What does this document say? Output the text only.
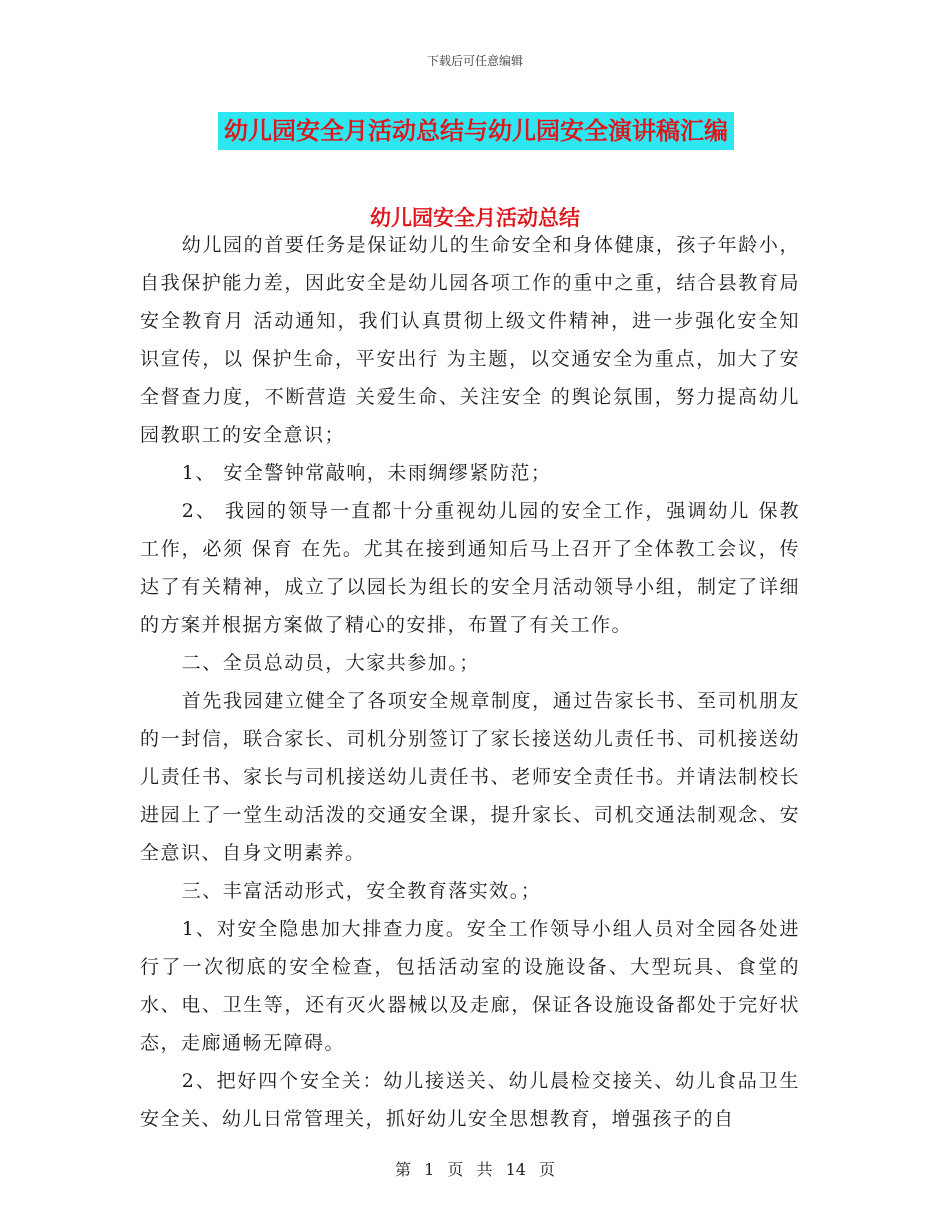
下载后可任意编辑
幼儿园安全月活动总结与幼儿园安全演讲稿汇编
幼儿园安全月活动总结

幼儿园的首要任务是保证幼儿的生命安全和身体健康，孩子年龄小，自我保护能力差，因此安全是幼儿园各项工作的重中之重，结合县教育局 安全教育月 活动通知，我们认真贯彻上级文件精神，进一步强化安全知识宣传，以 保护生命，平安出行 为主题，以交通安全为重点，加大了安全督查力度，不断营造 关爱生命、关注安全 的舆论氛围，努力提高幼儿园教职工的安全意识；

1、 安全警钟常敲响，未雨绸缪紧防范；

2、 我园的领导一直都十分重视幼儿园的安全工作，强调幼儿 保教 工作，必须 保育 在先。尤其在接到通知后马上召开了全体教工会议，传达了有关精神，成立了以园长为组长的安全月活动领导小组，制定了详细的方案并根据方案做了精心的安排，布置了有关工作。

二、全员总动员，大家共参加。；

首先我园建立健全了各项安全规章制度，通过告家长书、至司机朋友的一封信，联合家长、司机分别签订了家长接送幼儿责任书、司机接送幼儿责任书、家长与司机接送幼儿责任书、老师安全责任书。并请法制校长进园上了一堂生动活泼的交通安全课，提升家长、司机交通法制观念、安全意识、自身文明素养。

三、丰富活动形式，安全教育落实效。；

1、对安全隐患加大排查力度。安全工作领导小组人员对全园各处进行了一次彻底的安全检查，包括活动室的设施设备、大型玩具、食堂的水、电、卫生等，还有灭火器械以及走廊，保证各设施设备都处于完好状态，走廊通畅无障碍。

2、把好四个安全关：幼儿接送关、幼儿晨检交接关、幼儿食品卫生安全关、幼儿日常管理关，抓好幼儿安全思想教育，增强孩子的自

第 1 页 共 14 页
